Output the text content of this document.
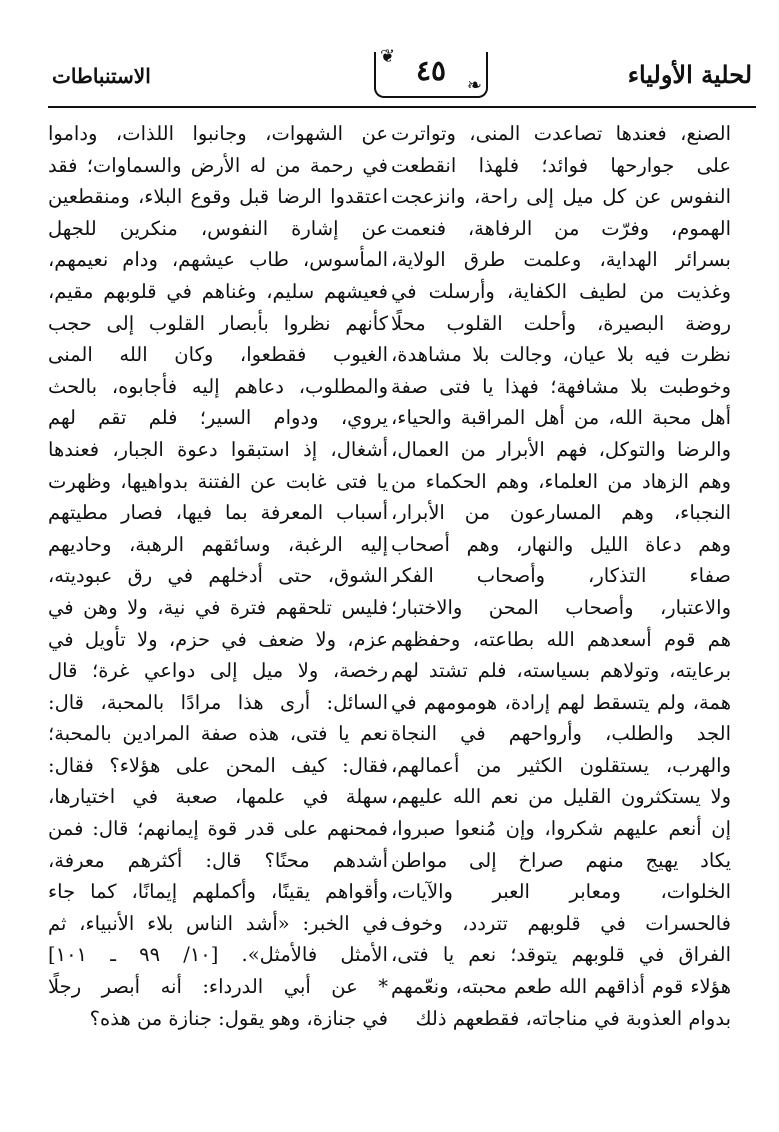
لحلية الأولياء
❦ ٤٥	❧
الاستنباطات
الصنع، فعندها تصاعدت المنى، وتواترت
على جوارحها فوائد؛ فلهذا انقطعت
النفوس عن كل ميل إلى راحة، وانزعجت
الهموم، وفرّت من الرفاهة، فنعمت
بسرائر الهداية، وعلمت طرق الولاية،
وغذيت من لطيف الكفاية، وأرسلت في
روضة البصيرة، وأحلت القلوب محلًا
نظرت فيه بلا عيان، وجالت بلا مشاهدة،
وخوطبت بلا مشافهة؛ فهذا يا فتى صفة
أهل محبة الله، من أهل المراقبة والحياء،
والرضا والتوكل، فهم الأبرار من العمال،
وهم الزهاد من العلماء، وهم الحكماء من
النجباء، وهم المسارعون من الأبرار،
وهم دعاة الليل والنهار، وهم أصحاب
صفاء التذكار، وأصحاب الفكر
والاعتبار، وأصحاب المحن والاختبار؛
هم قوم أسعدهم الله بطاعته، وحفظهم
برعايته، وتولاهم بسياسته، فلم تشتد لهم
همة، ولم يتسقط لهم إرادة، هومومهم في
الجد والطلب، وأرواحهم في النجاة
والهرب، يستقلون الكثير من أعمالهم،
ولا يستكثرون القليل من نعم الله عليهم،
إن أنعم عليهم شكروا، وإن مُنعوا صبروا،
يكاد يهيج منهم صراخ إلى مواطن
الخلوات، ومعابر العبر والآيات،
فالحسرات في قلوبهم تتردد، وخوف
الفراق في قلوبهم يتوقد؛ نعم يا فتى،
هؤلاء قوم أذاقهم الله طعم محبته، ونعّمهم
بدوام العذوبة في مناجاته، فقطعهم ذلك
عن الشهوات، وجانبوا اللذات، وداموا
في رحمة من له الأرض والسماوات؛ فقد
اعتقدوا الرضا قبل وقوع البلاء، ومنقطعين
عن إشارة النفوس، منكرين للجهل
المأسوس، طاب عيشهم، ودام نعيمهم،
فعيشهم سليم، وغناهم في قلوبهم مقيم،
كأنهم نظروا بأبصار القلوب إلى حجب
الغيوب فقطعوا، وكان الله المنى
والمطلوب، دعاهم إليه فأجابوه، بالحث
يروي، ودوام السير؛ فلم تقم لهم
أشغال، إذ استبقوا دعوة الجبار، فعندها
يا فتى غابت عن الفتنة بدواهيها، وظهرت
أسباب المعرفة بما فيها، فصار مطيتهم
إليه الرغبة، وسائقهم الرهبة، وحاديهم
الشوق، حتى أدخلهم في رق عبوديته،
فليس تلحقهم فترة في نية، ولا وهن في
عزم، ولا ضعف في حزم، ولا تأويل في
رخصة، ولا ميل إلى دواعي غرة؛ قال
السائل: أرى هذا مرادًا بالمحبة، قال:
نعم يا فتى، هذه صفة المرادين بالمحبة؛
فقال: كيف المحن على هؤلاء؟ فقال:
سهلة في علمها، صعبة في اختيارها،
فمحنهم على قدر قوة إيمانهم؛ قال: فمن
أشدهم محنًا؟ قال: أكثرهم معرفة،
وأقواهم يقينًا، وأكملهم إيمانًا، كما جاء
في الخبر: «أشد الناس بلاء الأنبياء، ثم
الأمثل فالأمثل». [١٠/ ٩٩ ـ ١٠١]
* عن أبي الدرداء: أنه أبصر رجلًا
في جنازة، وهو يقول: جنازة من هذه؟
